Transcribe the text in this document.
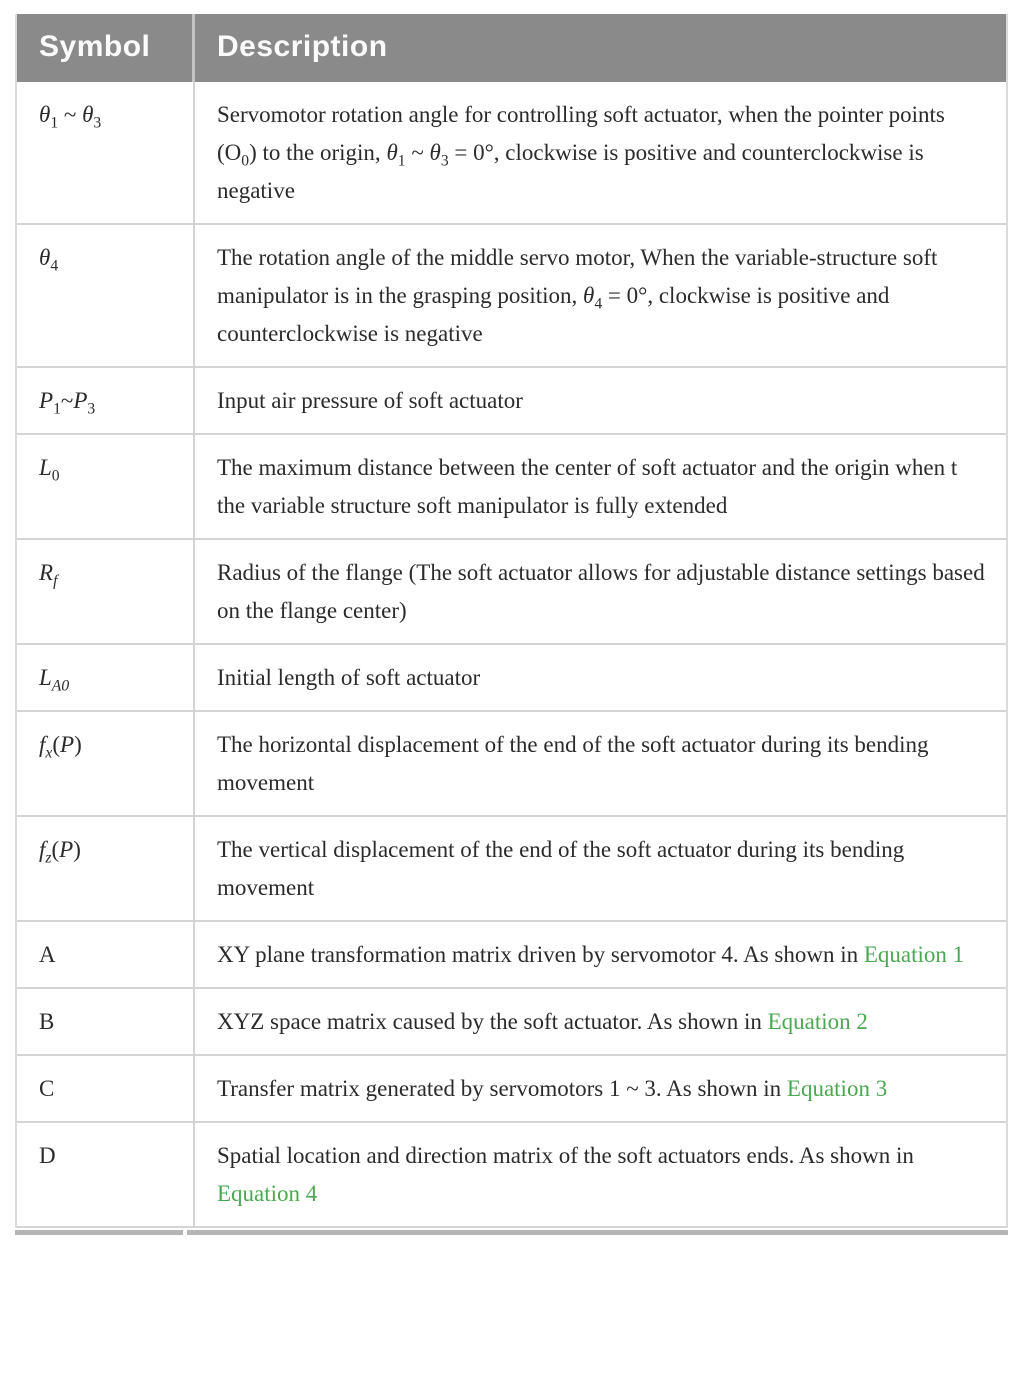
Symbol	Description
$\theta_1$ ~ $\theta_3$	Servomotor rotation angle for controlling soft actuator, when the pointer points $(O_0)$ to the origin, $\theta_1$ ~ $\theta_3 = 0^\circ$, clockwise is positive and counterclockwise is negative
$\theta_4$	The rotation angle of the middle servo motor, When the variable-structure soft manipulator is in the grasping position, $\theta_4 = 0^\circ$, clockwise is positive and counterclockwise is negative
$P_1\sim P_3$	Input air pressure of soft actuator
$L_0$	The maximum distance between the center of soft actuator and the origin when t the variable structure soft manipulator is fully extended
$R_f$	Radius of the flange (The soft actuator allows for adjustable distance settings based on the flange center)
$L_{A0}$	Initial length of soft actuator
$f_x(P)$	The horizontal displacement of the end of the soft actuator during its bending movement
$f_z(P)$	The vertical displacement of the end of the soft actuator during its bending movement
A	XY plane transformation matrix driven by servomotor 4. As shown in Equation 1
B	XYZ space matrix caused by the soft actuator. As shown in Equation 2
C	Transfer matrix generated by servomotors 1 ~ 3. As shown in Equation 3
D	Spatial location and direction matrix of the soft actuators ends. As shown in Equation 4
